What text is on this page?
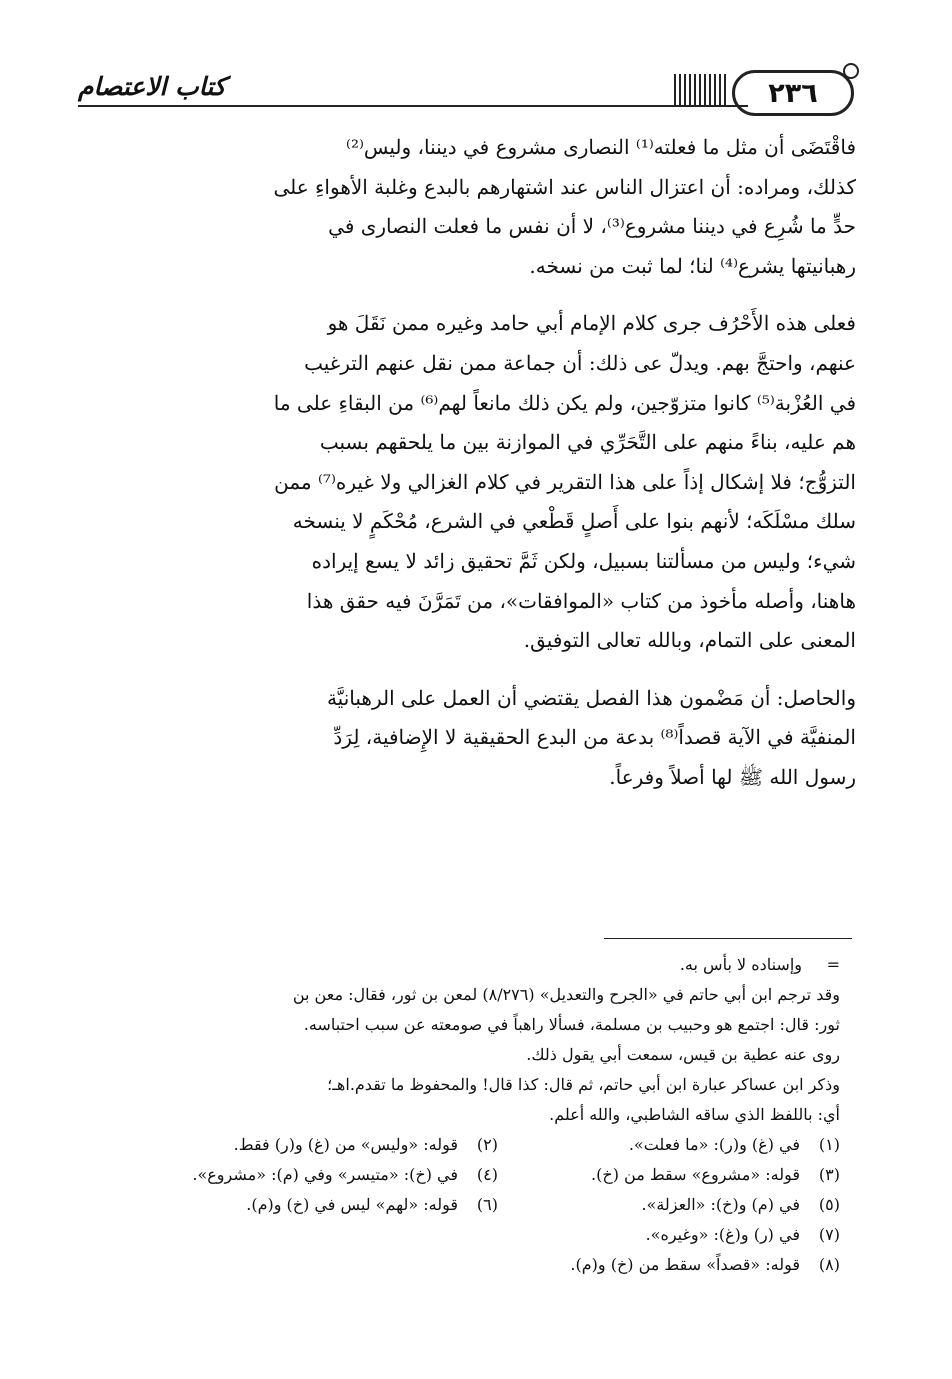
كتاب الاعتصام	٢٣٦

فاقْتَضَى أن مثل ما فعلته⁽¹⁾ النصارى مشروع في ديننا، وليس⁽²⁾
كذلك، ومراده: أن اعتزال الناس عند اشتهارهم بالبدع وغلبة الأهواءِ على
حدٍّ ما شُرِع في ديننا مشروع⁽³⁾، لا أن نفس ما فعلت النصارى في
رهبانيتها يشرع⁽⁴⁾ لنا؛ لما ثبت من نسخه.

فعلى هذه الأَحْرُف جرى كلام الإمام أبي حامد وغيره ممن نَقَلَ هو
عنهم، واحتجَّ بهم. ويدلّ عى ذلك: أن جماعة ممن نقل عنهم الترغيب
في العُزْبة⁽⁵⁾ كانوا متزوّجين، ولم يكن ذلك مانعاً لهم⁽⁶⁾ من البقاءِ على ما
هم عليه، بناءً منهم على التَّحَرِّي في الموازنة بين ما يلحقهم بسبب
التزوُّج؛ فلا إشكال إذاً على هذا التقرير في كلام الغزالي ولا غيره⁽⁷⁾ ممن
سلك مسْلَكَه؛ لأنهم بنوا على أَصلٍ قَطْعي في الشرع، مُحْكَمٍ لا ينسخه
شيء؛ وليس من مسألتنا بسبيل، ولكن ثَمَّ تحقيق زائد لا يسع إيراده
هاهنا، وأصله مأخوذ من كتاب «الموافقات»، من تَمَرَّنَ فيه حقق هذا
المعنى على التمام، وبالله تعالى التوفيق.

والحاصل: أن مَضْمون هذا الفصل يقتضي أن العمل على الرهبانيَّة
المنفيَّة في الآية قصداً⁽⁸⁾ بدعة من البدع الحقيقية لا الإِضافية، لِرَدِّ
رسول الله ﷺ لها أصلاً وفرعاً.

=وإسناده لا بأس به.
وقد ترجم ابن أبي حاتم في «الجرح والتعديل» (٨/٢٧٦) لمعن بن ثور، فقال: معن بن
ثور: قال: اجتمع هو وحبيب بن مسلمة، فسألا راهباً في صومعته عن سبب احتباسه.
روى عنه عطية بن قيس، سمعت أبي يقول ذلك.
وذكر ابن عساكر عبارة ابن أبي حاتم، ثم قال: كذا قال! والمحفوظ ما تقدم.اهـ؛
أي: باللفظ الذي ساقه الشاطبي، والله أعلم.
(١)في (غ) و(ر): «ما فعلت».
(٢)قوله: «وليس» من (غ) و(ر) فقط.
(٣)قوله: «مشروع» سقط من (خ).
(٤)في (خ): «متيسر» وفي (م): «مشروع».
(٥)في (م) و(خ): «العزلة».
(٦)قوله: «لهم» ليس في (خ) و(م).
(٧)في (ر) و(غ): «وغيره».
(٨)قوله: «قصداً» سقط من (خ) و(م).
